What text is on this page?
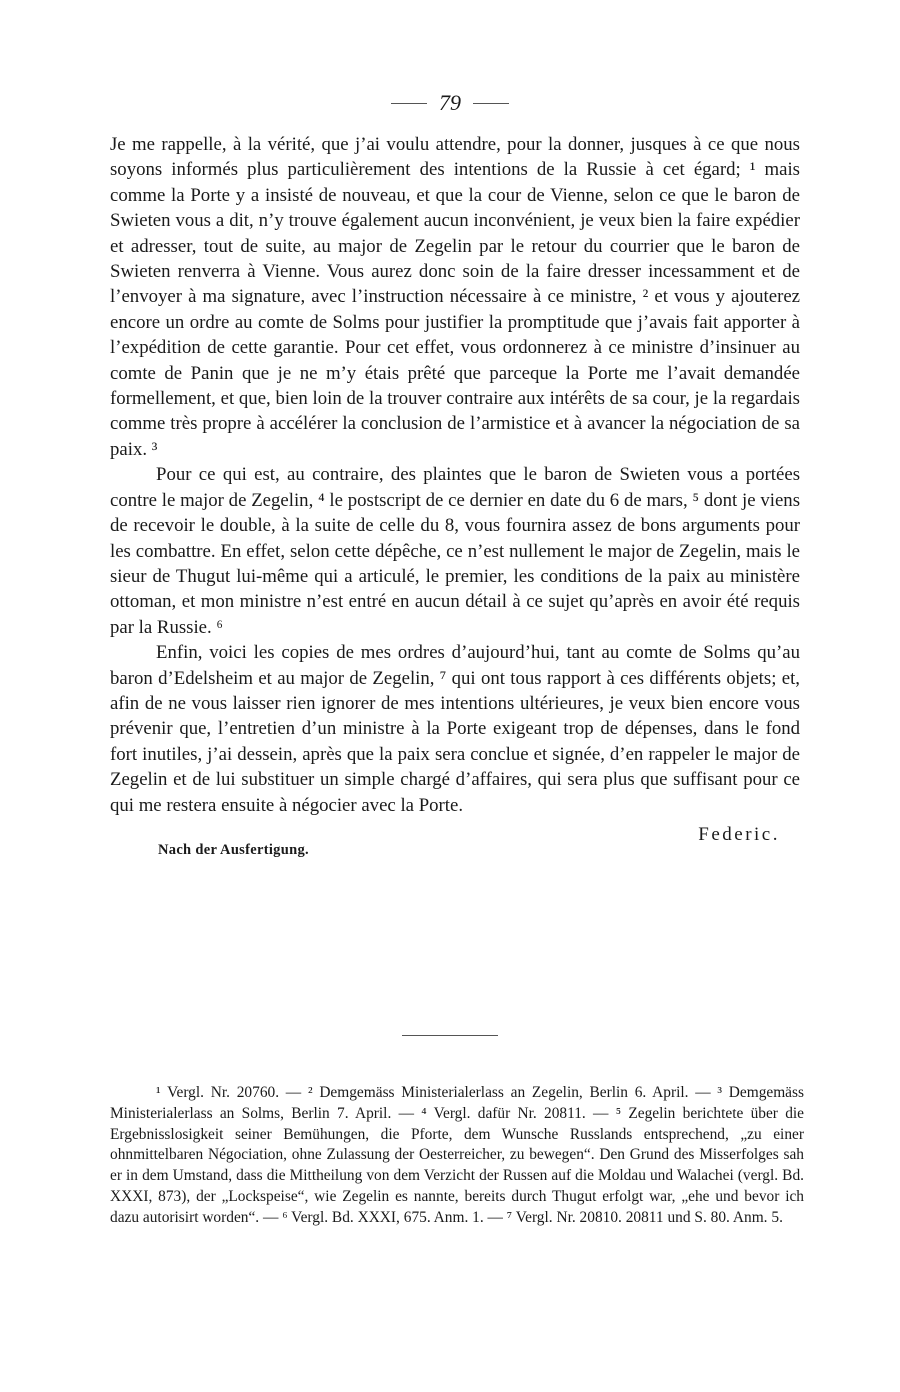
79

Je me rappelle, à la vérité, que j’ai voulu attendre, pour la donner, jusques à ce que nous soyons informés plus particulièrement des intentions de la Russie à cet égard; ¹ mais comme la Porte y a insisté de nouveau, et que la cour de Vienne, selon ce que le baron de Swieten vous a dit, n’y trouve également aucun inconvénient, je veux bien la faire expédier et adresser, tout de suite, au major de Zegelin par le retour du courrier que le baron de Swieten renverra à Vienne. Vous aurez donc soin de la faire dresser incessamment et de l’envoyer à ma signature, avec l’instruction nécessaire à ce ministre, ² et vous y ajouterez encore un ordre au comte de Solms pour justifier la promptitude que j’avais fait apporter à l’expédition de cette garantie. Pour cet effet, vous ordonnerez à ce ministre d’insinuer au comte de Panin que je ne m’y étais prêté que parceque la Porte me l’avait demandée formellement, et que, bien loin de la trouver contraire aux intérêts de sa cour, je la regardais comme très propre à accélérer la conclusion de l’armistice et à avancer la négociation de sa paix. ³

Pour ce qui est, au contraire, des plaintes que le baron de Swieten vous a portées contre le major de Zegelin, ⁴ le postscript de ce dernier en date du 6 de mars, ⁵ dont je viens de recevoir le double, à la suite de celle du 8, vous fournira assez de bons arguments pour les combattre. En effet, selon cette dépêche, ce n’est nullement le major de Zegelin, mais le sieur de Thugut lui-même qui a articulé, le premier, les conditions de la paix au ministère ottoman, et mon ministre n’est entré en aucun détail à ce sujet qu’après en avoir été requis par la Russie. ⁶

Enfin, voici les copies de mes ordres d’aujourd’hui, tant au comte de Solms qu’au baron d’Edelsheim et au major de Zegelin, ⁷ qui ont tous rapport à ces différents objets; et, afin de ne vous laisser rien ignorer de mes intentions ultérieures, je veux bien encore vous prévenir que, l’entretien d’un ministre à la Porte exigeant trop de dépenses, dans le fond fort inutiles, j’ai dessein, après que la paix sera conclue et signée, d’en rappeler le major de Zegelin et de lui substituer un simple chargé d’affaires, qui sera plus que suffisant pour ce qui me restera ensuite à négocier avec la Porte.

Federic.
Nach der Ausfertigung.

¹ Vergl. Nr. 20760. — ² Demgemäss Ministerialerlass an Zegelin, Berlin 6. April. — ³ Demgemäss Ministerialerlass an Solms, Berlin 7. April. — ⁴ Vergl. dafür Nr. 20811. — ⁵ Zegelin berichtete über die Ergebnisslosigkeit seiner Bemühungen, die Pforte, dem Wunsche Russlands entsprechend, „zu einer ohnmittelbaren Négociation, ohne Zulassung der Oesterreicher, zu bewegen“. Den Grund des Misserfolges sah er in dem Umstand, dass die Mittheilung von dem Verzicht der Russen auf die Moldau und Walachei (vergl. Bd. XXXI, 873), der „Lockspeise“, wie Zegelin es nannte, bereits durch Thugut erfolgt war, „ehe und bevor ich dazu autorisirt worden“. — ⁶ Vergl. Bd. XXXI, 675. Anm. 1. — ⁷ Vergl. Nr. 20810. 20811 und S. 80. Anm. 5.
